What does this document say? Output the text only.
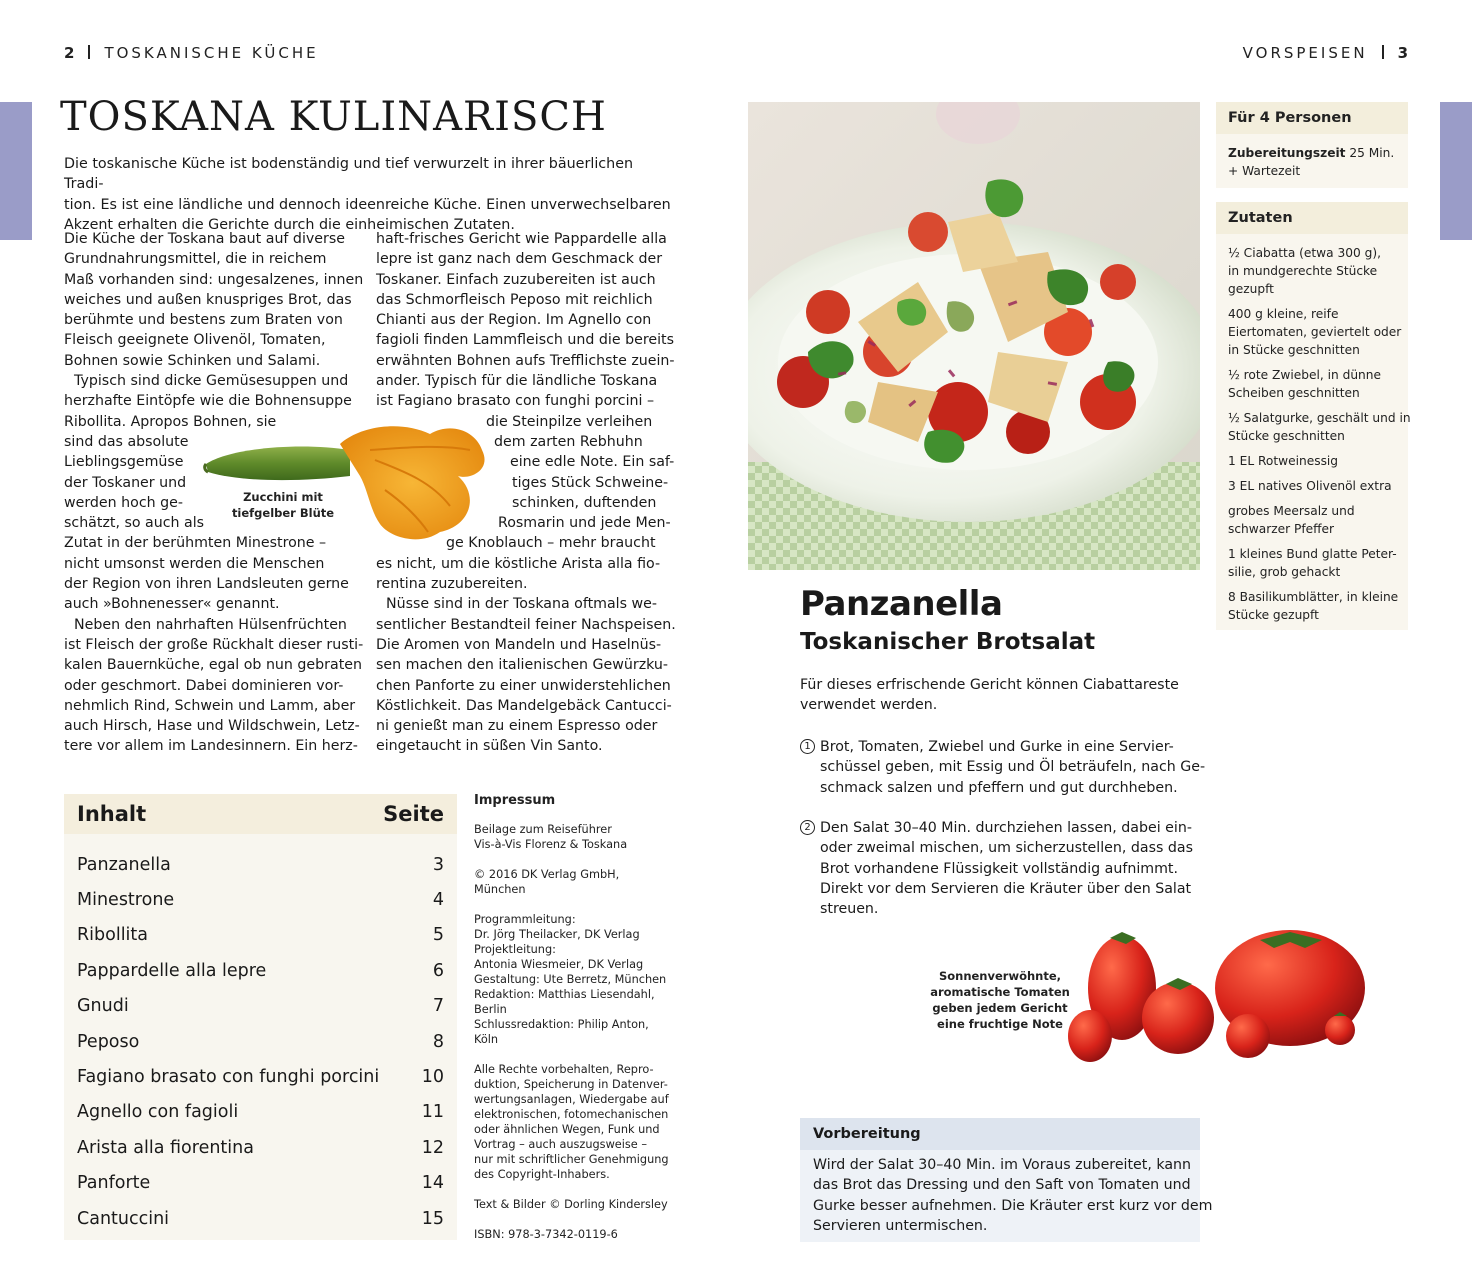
2 TOSKANISCHE KÜCHE	VORSPEISEN 3
TOSKANA KULINARISCH
Die toskanische Küche ist bodenständig und tief verwurzelt in ihrer bäuerlichen Tradi-
tion. Es ist eine ländliche und dennoch ideenreiche Küche. Einen unverwechselbaren
Akzent erhalten die Gerichte durch die einheimischen Zutaten.
Die Küche der Toskana baut auf diverse
Grundnahrungsmittel, die in reichem
Maß vorhanden sind: ungesalzenes, innen
weiches und außen knuspriges Brot, das
berühmte und bestens zum Braten von
Fleisch geeignete Olivenöl, Tomaten,
Bohnen sowie Schinken und Salami.
Typisch sind dicke Gemüsesuppen und
herzhafte Eintöpfe wie die Bohnensuppe
Ribollita. Apropos Bohnen, sie
sind das absolute
Lieblingsgemüse
der Toskaner und
werden hoch ge-
schätzt, so auch als
Zutat in der berühmten Minestrone –
nicht umsonst werden die Menschen
der Region von ihren Landsleuten gerne
auch »Bohnenesser« genannt.
Neben den nahrhaften Hülsenfrüchten
ist Fleisch der große Rückhalt dieser rusti-
kalen Bauernküche, egal ob nun gebraten
oder geschmort. Dabei dominieren vor-
nehmlich Rind, Schwein und Lamm, aber
auch Hirsch, Hase und Wildschwein, Letz-
tere vor allem im Landesinnern. Ein herz-
haft-frisches Gericht wie Pappardelle alla
lepre ist ganz nach dem Geschmack der
Toskaner. Einfach zuzubereiten ist auch
das Schmorfleisch Peposo mit reichlich
Chianti aus der Region. Im Agnello con
fagioli finden Lammfleisch und die bereits
erwähnten Bohnen aufs Trefflichste zuein-
ander. Typisch für die ländliche Toskana
ist Fagiano brasato con funghi porcini –
die Steinpilze verleihen
dem zarten Rebhuhn
eine edle Note. Ein saf-
tiges Stück Schweine-
schinken, duftenden
Rosmarin und jede Men-
ge Knoblauch – mehr braucht
es nicht, um die köstliche Arista alla fio-
rentina zuzubereiten.
Nüsse sind in der Toskana oftmals we-
sentlicher Bestandteil feiner Nachspeisen.
Die Aromen von Mandeln und Haselnüs-
sen machen den italienischen Gewürzku-
chen Panforte zu einer unwiderstehlichen
Köstlichkeit. Das Mandelgebäck Cantucci-
ni genießt man zu einem Espresso oder
eingetaucht in süßen Vin Santo.
Zucchini mit
tiefgelber Blüte
Inhalt	Seite
Panzanella	3
Minestrone	4
Ribollita	5
Pappardelle alla lepre	6
Gnudi	7
Peposo	8
Fagiano brasato con funghi porcini 10
Agnello con fagioli	11
Arista alla fiorentina	12
Panforte	14
Cantuccini	15
Impressum

Beilage zum Reiseführer
Vis-à-Vis Florenz & Toskana

© 2016 DK Verlag GmbH,
München

Programmleitung:
Dr. Jörg Theilacker, DK Verlag
Projektleitung:
Antonia Wiesmeier, DK Verlag
Gestaltung: Ute Berretz, München
Redaktion: Matthias Liesendahl,
Berlin
Schlussredaktion: Philip Anton,
Köln

Alle Rechte vorbehalten, Repro-
duktion, Speicherung in Datenver-
wertungsanlagen, Wiedergabe auf
elektronischen, fotomechanischen
oder ähnlichen Wegen, Funk und
Vortrag – auch auszugsweise –
nur mit schriftlicher Genehmigung
des Copyright-Inhabers.

Text & Bilder © Dorling Kindersley

ISBN: 978-3-7342-0119-6

Für 4 Personen
Zubereitungszeit 25 Min.
+ Wartezeit
Zutaten
½ Ciabatta (etwa 300 g),
in mundgerechte Stücke
gezupft
400 g kleine, reife
Eiertomaten, geviertelt oder
in Stücke geschnitten
½ rote Zwiebel, in dünne
Scheiben geschnitten
½ Salatgurke, geschält und in
Stücke geschnitten
1 EL Rotweinessig
3 EL natives Olivenöl extra
grobes Meersalz und
schwarzer Pfeffer
1 kleines Bund glatte Peter-
silie, grob gehackt
8 Basilikumblätter, in kleine
Stücke gezupft
Panzanella
Toskanischer Brotsalat
Für dieses erfrischende Gericht können Ciabattareste
verwendet werden.
1 Brot, Tomaten, Zwiebel und Gurke in eine Servier-
schüssel geben, mit Essig und Öl beträufeln, nach Ge-
schmack salzen und pfeffern und gut durchheben.
2 Den Salat 30–40 Min. durchziehen lassen, dabei ein-
oder zweimal mischen, um sicherzustellen, dass das
Brot vorhandene Flüssigkeit vollständig aufnimmt.
Direkt vor dem Servieren die Kräuter über den Salat
streuen.
Sonnenverwöhnte,
aromatische Tomaten
geben jedem Gericht
eine fruchtige Note
Vorbereitung
Wird der Salat 30–40 Min. im Voraus zubereitet, kann
das Brot das Dressing und den Saft von Tomaten und
Gurke besser aufnehmen. Die Kräuter erst kurz vor dem
Servieren untermischen.
